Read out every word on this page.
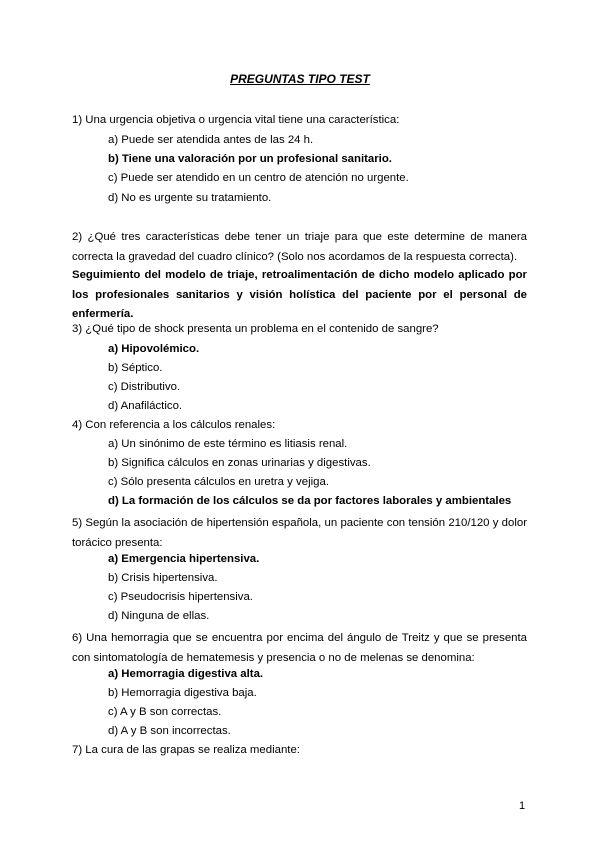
PREGUNTAS TIPO TEST
1) Una urgencia objetiva o urgencia vital tiene una característica:
a) Puede ser atendida antes de las 24 h.
b) Tiene una valoración por un profesional sanitario.
c) Puede ser atendido en un centro de atención no urgente.
d) No es urgente su tratamiento.
2) ¿Qué tres características debe tener un triaje para que este determine de manera correcta la gravedad del cuadro clínico? (Solo nos acordamos de la respuesta correcta).
Seguimiento del modelo de triaje, retroalimentación de dicho modelo aplicado por los profesionales sanitarios y visión holística del paciente por el personal de enfermería.
3) ¿Qué tipo de shock presenta un problema en el contenido de sangre?
a) Hipovolémico.
b) Séptico.
c) Distributivo.
d) Anafiláctico.
4) Con referencia a los cálculos renales:
a) Un sinónimo de este término es litiasis renal.
b) Significa cálculos en zonas urinarias y digestivas.
c) Sólo presenta cálculos en uretra y vejiga.
d) La formación de los cálculos se da por factores laborales y ambientales
5) Según la asociación de hipertensión española, un paciente con tensión 210/120 y dolor torácico presenta:
a) Emergencia hipertensiva.
b) Crisis hipertensiva.
c) Pseudocrisis hipertensiva.
d) Ninguna de ellas.
6) Una hemorragia que se encuentra por encima del ángulo de Treitz y que se presenta con sintomatología de hematemesis y presencia o no de melenas se denomina:
a) Hemorragia digestiva alta.
b) Hemorragia digestiva baja.
c) A y B son correctas.
d) A y B son incorrectas.
7) La cura de las grapas se realiza mediante:
1
